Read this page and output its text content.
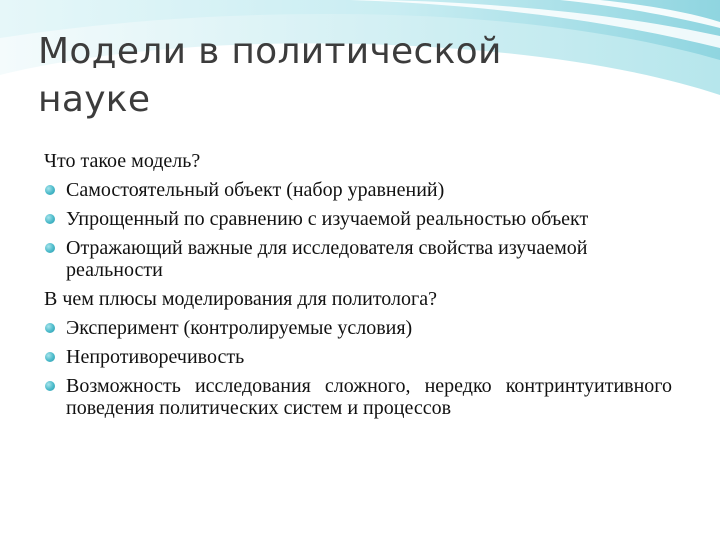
Модели в политической
науке
Что такое модель?
Самостоятельный объект (набор уравнений)
Упрощенный по сравнению с изучаемой реальностью объект
Отражающий важные для исследователя свойства изучаемой реальности
В чем плюсы моделирования для политолога?
Эксперимент (контролируемые условия)
Непротиворечивость
Возможность исследования сложного, нередко контринтуитивного поведения политических систем и процессов
